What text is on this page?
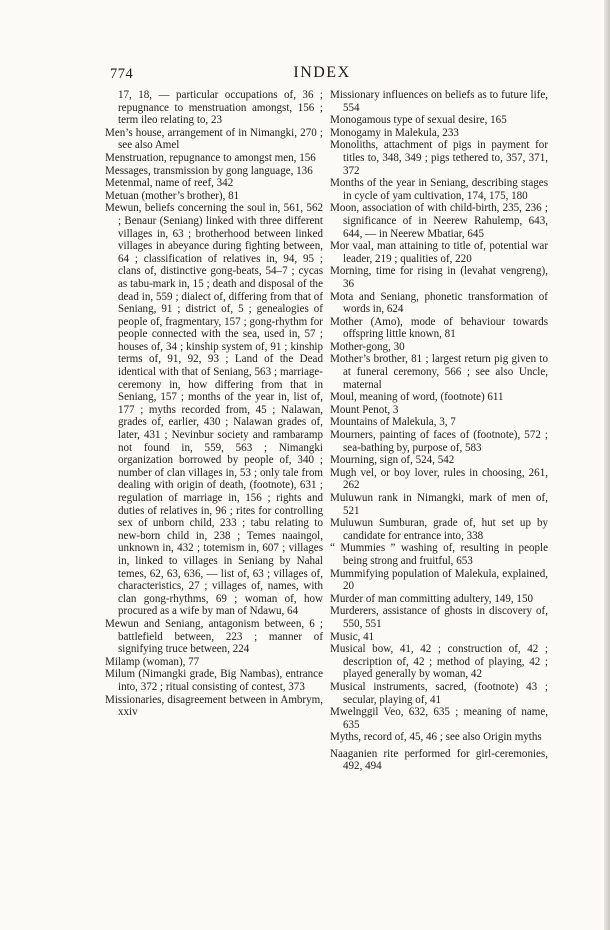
774	INDEX

17, 18, — particular occupations of, 36 ; repugnance to menstruation amongst, 156 ; term ileo relating to, 23

Men’s house, arrangement of in Nimangki, 270 ; see also Amel

Menstruation, repugnance to amongst men, 156

Messages, transmission by gong language, 136

Metenmal, name of reef, 342

Metuan (mother’s brother), 81

Mewun, beliefs concerning the soul in, 561, 562 ; Benaur (Seniang) linked with three different villages in, 63 ; brotherhood between linked villages in abeyance during fighting between, 64 ; classification of relatives in, 94, 95 ; clans of, distinctive gong-beats, 54–7 ; cycas as tabu-mark in, 15 ; death and disposal of the dead in, 559 ; dialect of, differing from that of Seniang, 91 ; district of, 5 ; genealogies of people of, fragmentary, 157 ; gong-rhythm for people connected with the sea, used in, 57 ; houses of, 34 ; kinship system of, 91 ; kinship terms of, 91, 92, 93 ; Land of the Dead identical with that of Seniang, 563 ; marriage-ceremony in, how differing from that in Seniang, 157 ; months of the year in, list of, 177 ; myths recorded from, 45 ; Nalawan, grades of, earlier, 430 ; Nalawan grades of, later, 431 ; Nevinbur society and rambaramp not found in, 559, 563 ; Nimangki organization borrowed by people of, 340 ; number of clan villages in, 53 ; only tale from dealing with origin of death, (footnote), 631 ; regulation of marriage in, 156 ; rights and duties of relatives in, 96 ; rites for controlling sex of unborn child, 233 ; tabu relating to new-born child in, 238 ; Temes naaingol, unknown in, 432 ; totemism in, 607 ; villages in, linked to villages in Seniang by Nahal temes, 62, 63, 636, — list of, 63 ; villages of, characteristics, 27 ; villages of, names, with clan gong-rhythms, 69 ; woman of, how procured as a wife by man of Ndawu, 64

Mewun and Seniang, antagonism between, 6 ; battlefield between, 223 ; manner of signifying truce between, 224

Milamp (woman), 77

Milum (Nimangki grade, Big Nambas), entrance into, 372 ; ritual consisting of contest, 373

Missionaries, disagreement between in Ambrym, xxiv

Missionary influences on beliefs as to future life, 554

Monogamous type of sexual desire, 165

Monogamy in Malekula, 233

Monoliths, attachment of pigs in payment for titles to, 348, 349 ; pigs tethered to, 357, 371, 372

Months of the year in Seniang, describing stages in cycle of yam cultivation, 174, 175, 180

Moon, association of with child-birth, 235, 236 ; significance of in Neerew Rahulemp, 643, 644, — in Neerew Mbatiar, 645

Mor vaal, man attaining to title of, potential war leader, 219 ; qualities of, 220

Morning, time for rising in (levahat vengreng), 36

Mota and Seniang, phonetic transformation of words in, 624

Mother (Amo), mode of behaviour towards offspring little known, 81

Mother-gong, 30

Mother’s brother, 81 ; largest return pig given to at funeral ceremony, 566 ; see also Uncle, maternal

Moul, meaning of word, (footnote) 611

Mount Penot, 3

Mountains of Malekula, 3, 7

Mourners, painting of faces of (footnote), 572 ; sea-bathing by, purpose of, 583

Mourning, sign of, 524, 542

Mugh vel, or boy lover, rules in choosing, 261, 262

Muluwun rank in Nimangki, mark of men of, 521

Muluwun Sumburan, grade of, hut set up by candidate for entrance into, 338

“ Mummies ” washing of, resulting in people being strong and fruitful, 653

Mummifying population of Malekula, explained, 20

Murder of man committing adultery, 149, 150

Murderers, assistance of ghosts in discovery of, 550, 551

Music, 41

Musical bow, 41, 42 ; construction of, 42 ; description of, 42 ; method of playing, 42 ; played generally by woman, 42

Musical instruments, sacred, (footnote) 43 ; secular, playing of, 41

Mwelnggil Veo, 632, 635 ; meaning of name, 635

Myths, record of, 45, 46 ; see also Origin myths

Naaganien rite performed for girl-ceremonies, 492, 494
